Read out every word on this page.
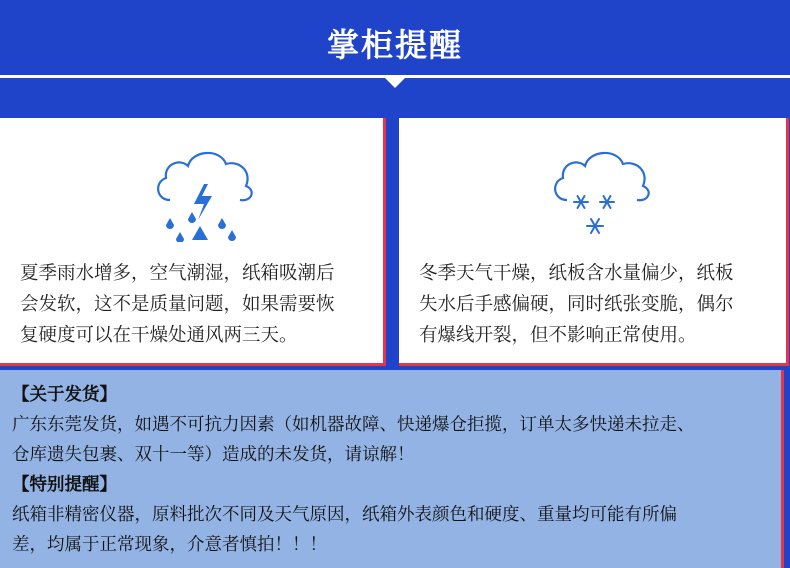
掌柜提醒
夏季雨水增多，空气潮湿，纸箱吸潮后
会发软，这不是质量问题，如果需要恢
复硬度可以在干燥处通风两三天。
冬季天气干燥，纸板含水量偏少，纸板
失水后手感偏硬，同时纸张变脆，偶尔
有爆线开裂，但不影响正常使用。
【关于发货】
广东东莞发货，如遇不可抗力因素（如机器故障、快递爆仓拒揽，订单太多快递未拉走、
仓库遗失包裹、双十一等）造成的未发货，请谅解！
【特别提醒】
纸箱非精密仪器，原料批次不同及天气原因，纸箱外表颜色和硬度、重量均可能有所偏
差，均属于正常现象，介意者慎拍！！！
